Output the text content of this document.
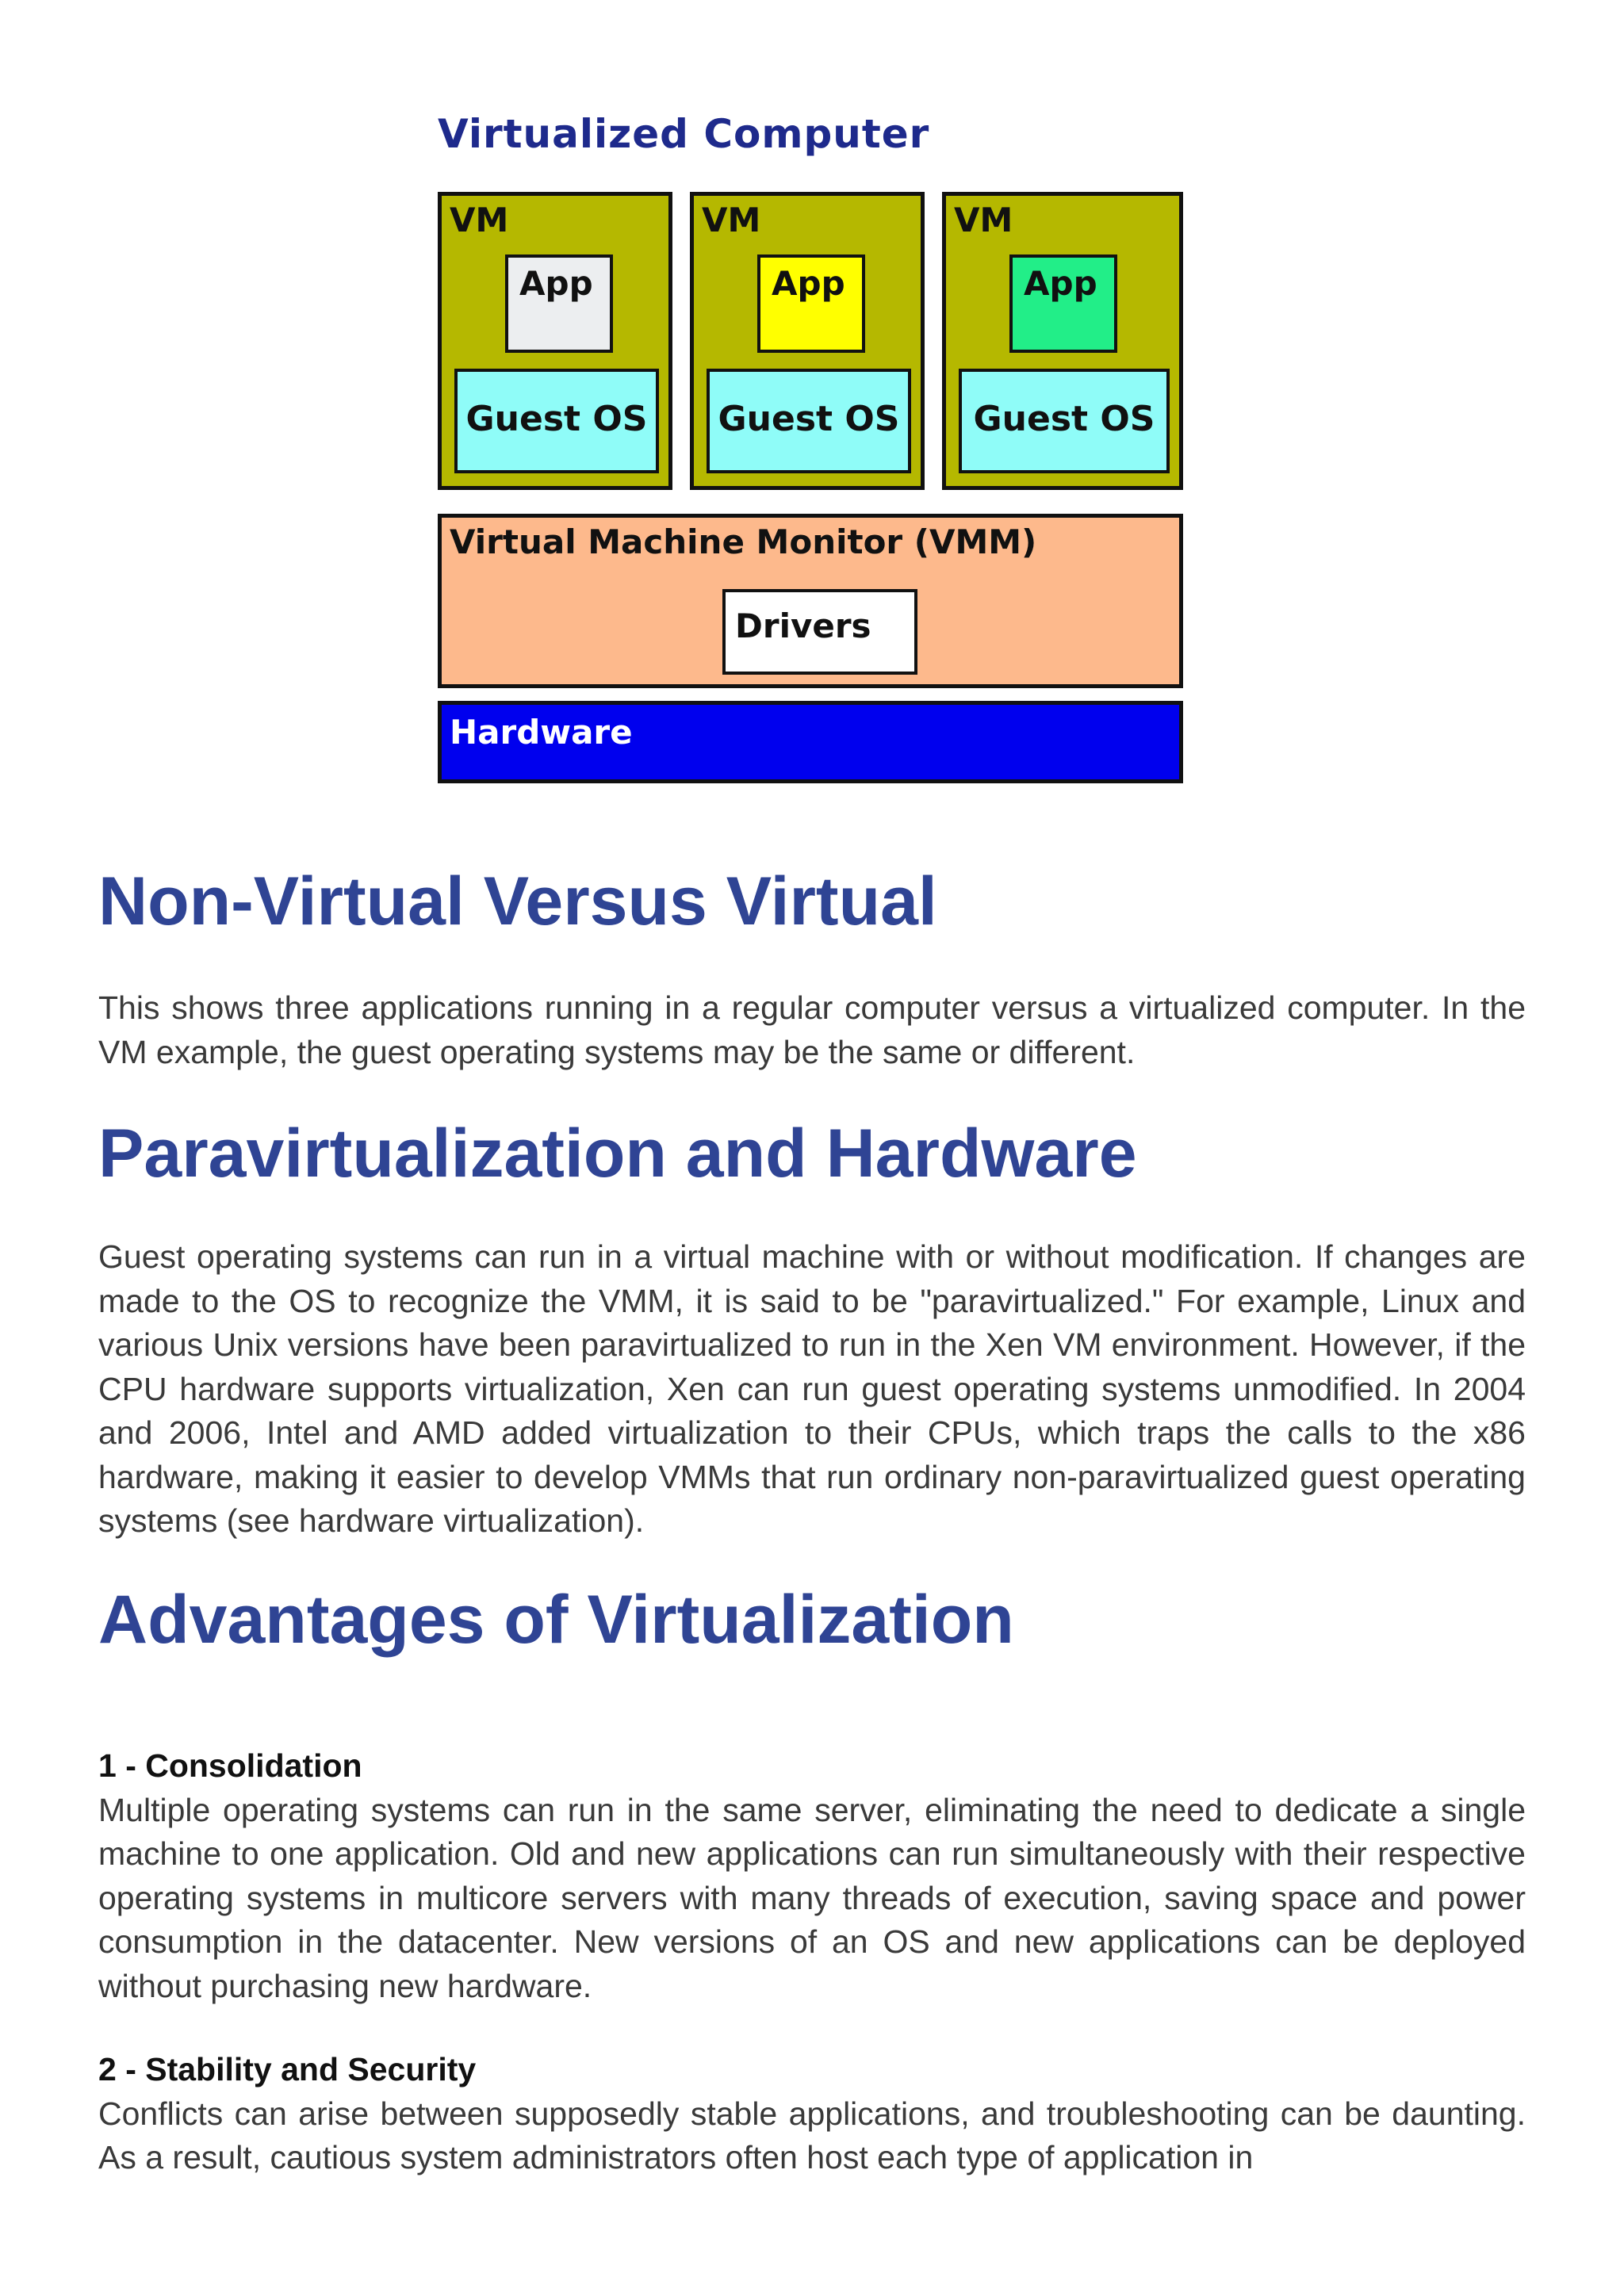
Virtualized Computer
VM
App
Guest OS
VM
App
Guest OS
VM
App
Guest OS
Virtual Machine Monitor (VMM)
Drivers
Hardware
Non-Virtual Versus Virtual

This shows three applications running in a regular computer versus a virtualized computer. In the VM example, the guest operating systems may be the same or different.

Paravirtualization and Hardware

Guest operating systems can run in a virtual machine with or without modification. If changes are made to the OS to recognize the VMM, it is said to be "paravirtualized." For example, Linux and various Unix versions have been paravirtualized to run in the Xen VM environment. However, if the CPU hardware supports virtualization, Xen can run guest operating systems unmodified. In 2004 and 2006, Intel and AMD added virtualization to their CPUs, which traps the calls to the x86 hardware, making it easier to develop VMMs that run ordinary non-paravirtualized guest operating systems (see hardware virtualization).

Advantages of Virtualization
1 - Consolidation

Multiple operating systems can run in the same server, eliminating the need to dedicate a single machine to one application. Old and new applications can run simultaneously with their respective operating systems in multicore servers with many threads of execution, saving space and power consumption in the datacenter. New versions of an OS and new applications can be deployed without purchasing new hardware.

2 - Stability and Security

Conflicts can arise between supposedly stable applications, and troubleshooting can be daunting. As a result, cautious system administrators often host each type of application in
